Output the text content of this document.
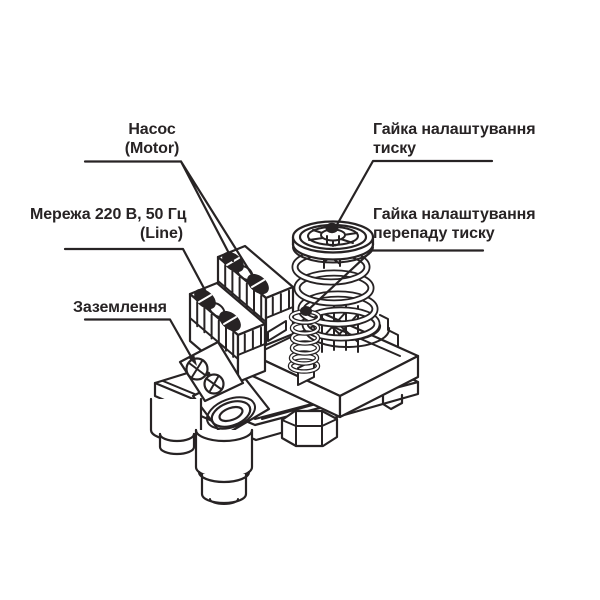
Насос
(Motor)
Мережа 220 В, 50 Гц
(Line)
Заземлення
Гайка налаштування
тиску
Гайка налаштування
перепаду тиску
